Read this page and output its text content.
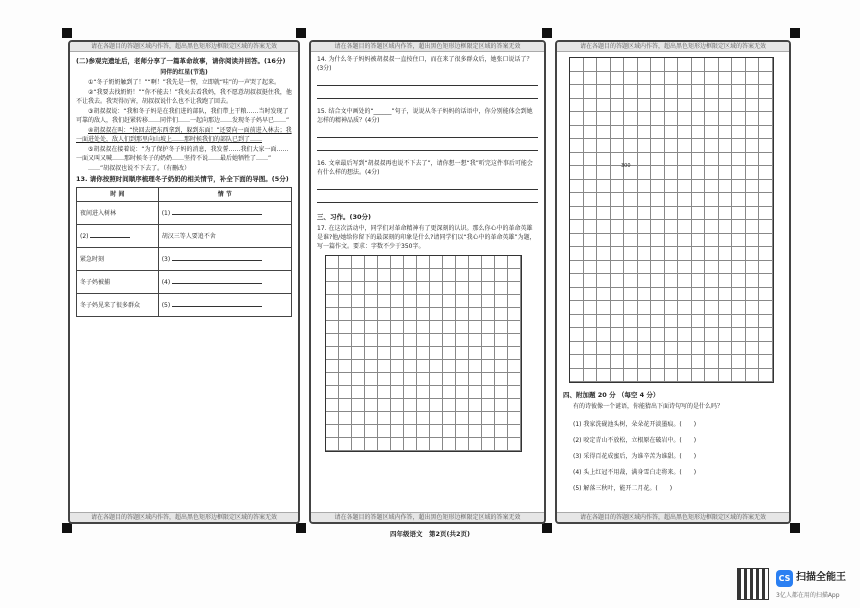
请在各题目的答题区域内作答，超出黑色矩形边框限定区域的答案无效
(二)参观完遗址后，老师分享了一篇革命故事，请你阅读并回答。(16分)
同伴的红星(节选)

①“冬子奶奶触到了！”“啊！”我先是一愣，立即就“哇”的一声哭了起来。

②“我要去找奶奶！”“你不能去！”我矣去看我妈，我不愿意胡叔叔挺住我，他不让我去。我哭得厉害，胡叔叔说什么也不让我跑了回去。

③胡叔叔说：“我和冬子妈是在我们进的部队，我们带上干粮……当时发现了可靠的敌人，我们赶紧转移……同伴们……一起向那边……发现冬子妈早已……”

④胡叔叔在叫：“快回去把东西拿到，躲到东面！”还要向一面前进入林去；我一面进处处，敌人们到那里向山坡上……那时候我们的部队已到了……

⑤胡叔叔在接着说：“为了保护冬子妈的消息，我发誓……我们大家一面……一面又叫又喊……那时候冬子的奶奶……坚持不说……最后她牺牲了……”

……”胡叔叔也说不下去了。（有删改）

13. 请你按照时间顺序梳理冬子奶奶的相关情节，补全下面的导图。(5分)
时 间	情 节
夜间进入树林	(1)
(2)	胡汉三等人要追不舍
紧急时刻	(3)
冬子妈被捕	(4)
冬子妈见来了很多群众	(5)
请在各题目的答题区域内作答，超出黑色矩形边框限定区域的答案无效
请在各题目的答题区域内作答，超出黑色矩形边框限定区域的答案无效
14. 为什么冬子妈妈被胡叔叔一直按住口，而在来了很多群众后，她张口说话了？(3分)
15. 结合文中画处的“______”句子，说说从冬子妈妈的话语中，你分别能体会到她怎样的精神品质？(4分)
16. 文章最后写到“胡叔叔再也说不下去了”，请你想一想“我”听完这件事后可能会有什么样的想法。(4分)
三、习作。(30分)
17. 在这次活动中，同学们对革命精神有了更深刻的认识。那么你心中的革命英雄是谁?他/她给你留下的最深刻的印象是什么?请同学们以“我心中的革命英雄”为题，写一篇作文。要求：字数不少于350字。
请在各题目的答题区域内作答，超出黑色矩形边框限定区域的答案无效
请在各题目的答题区域内作答，超出黑色矩形边框限定区域的答案无效
300
四、附加题 20 分 （每空 4 分）
有的诗彼像一个谜语，你能猜出下面诗句写的是什么吗？
(1) 我家洗砚池头树，朵朵花开淡墨痕。(　　)
(2) 咬定青山不放松，立根原在破岩中。(　　)
(3) 采得百花成蜜后，为谁辛苦为谁甜。(　　)
(4) 头上红冠不用裁，满身雪白走将来。(　　)
(5) 解落三秋叶，能开二月花。(　　)
请在各题目的答题区域内作答，超出黑色矩形边框限定区域的答案无效
四年级语文　第2页(共2页)
CS 扫描全能王
3亿人都在用的扫描App
